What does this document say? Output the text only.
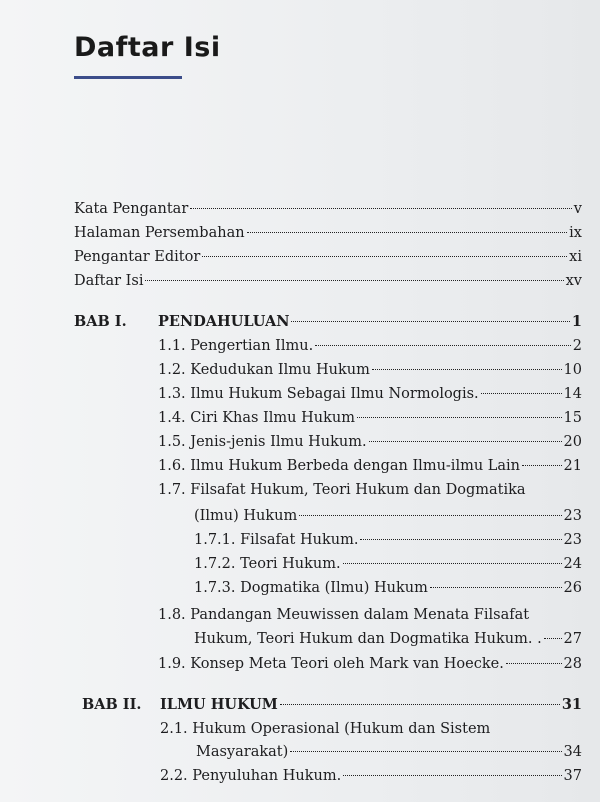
Daftar Isi
Kata Pengantar	v
Halaman Persembahan	ix
Pengantar Editor	xi
Daftar Isi	xv
BAB I. PENDAHULUAN	1
1.1. Pengertian Ilmu.	2
1.2. Kedudukan Ilmu Hukum	10
1.3. Ilmu Hukum Sebagai Ilmu Normologis.	14
1.4. Ciri Khas Ilmu Hukum	15
1.5. Jenis-jenis Ilmu Hukum.	20
1.6. Ilmu Hukum Berbeda dengan Ilmu-ilmu Lain	21
1.7. Filsafat Hukum, Teori Hukum dan Dogmatika
(Ilmu) Hukum	23
1.7.1. Filsafat Hukum.	23
1.7.2. Teori Hukum.	24
1.7.3. Dogmatika (Ilmu) Hukum	26
1.8. Pandangan Meuwissen dalam Menata Filsafat
Hukum, Teori Hukum dan Dogmatika Hukum. . 27
1.9. Konsep Meta Teori oleh Mark van Hoecke.	28
BAB II. ILMU HUKUM	31
2.1. Hukum Operasional (Hukum dan Sistem
Masyarakat)	34
2.2. Penyuluhan Hukum.	37
